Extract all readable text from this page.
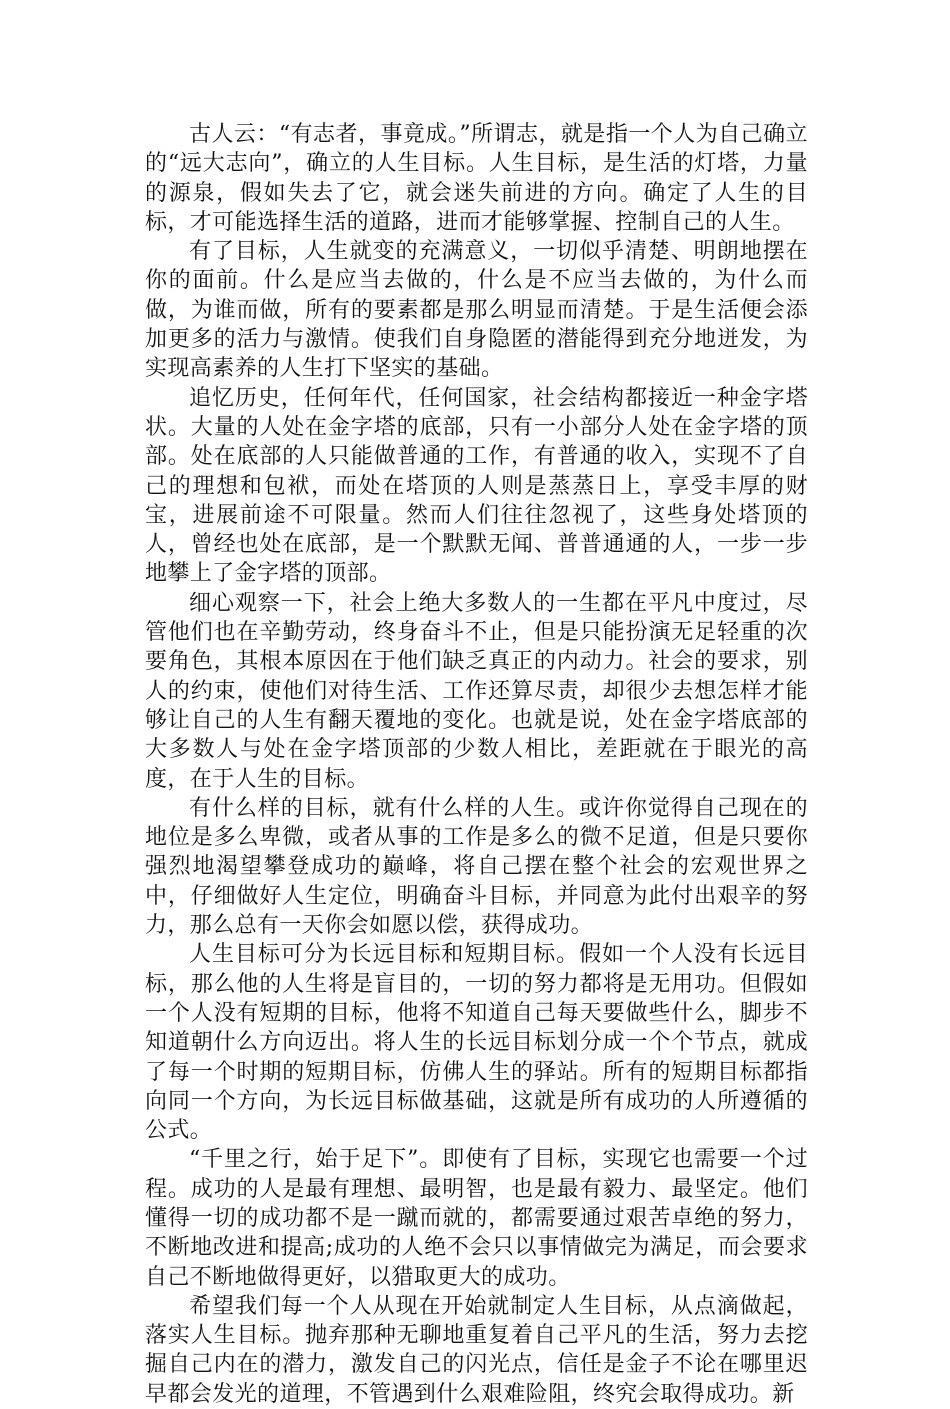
古人云：“有志者，事竟成。”所谓志，就是指一个人为自己确立的“远大志向”，确立的人生目标。人生目标，是生活的灯塔，力量的源泉，假如失去了它，就会迷失前进的方向。确定了人生的目标，才可能选择生活的道路，进而才能够掌握、控制自己的人生。

有了目标，人生就变的充满意义，一切似乎清楚、明朗地摆在你的面前。什么是应当去做的，什么是不应当去做的，为什么而做，为谁而做，所有的要素都是那么明显而清楚。于是生活便会添加更多的活力与激情。使我们自身隐匿的潜能得到充分地迸发，为实现高素养的人生打下坚实的基础。

追忆历史，任何年代，任何国家，社会结构都接近一种金字塔状。大量的人处在金字塔的底部，只有一小部分人处在金字塔的顶部。处在底部的人只能做普通的工作，有普通的收入，实现不了自己的理想和包袱，而处在塔顶的人则是蒸蒸日上，享受丰厚的财宝，进展前途不可限量。然而人们往往忽视了，这些身处塔顶的人，曾经也处在底部，是一个默默无闻、普普通通的人，一步一步地攀上了金字塔的顶部。

细心观察一下，社会上绝大多数人的一生都在平凡中度过，尽管他们也在辛勤劳动，终身奋斗不止，但是只能扮演无足轻重的次要角色，其根本原因在于他们缺乏真正的内动力。社会的要求，别人的约束，使他们对待生活、工作还算尽责，却很少去想怎样才能够让自己的人生有翻天覆地的变化。也就是说，处在金字塔底部的大多数人与处在金字塔顶部的少数人相比，差距就在于眼光的高度，在于人生的目标。

有什么样的目标，就有什么样的人生。或许你觉得自己现在的地位是多么卑微，或者从事的工作是多么的微不足道，但是只要你强烈地渴望攀登成功的巅峰，将自己摆在整个社会的宏观世界之中，仔细做好人生定位，明确奋斗目标，并同意为此付出艰辛的努力，那么总有一天你会如愿以偿，获得成功。

人生目标可分为长远目标和短期目标。假如一个人没有长远目标，那么他的人生将是盲目的，一切的努力都将是无用功。但假如一个人没有短期的目标，他将不知道自己每天要做些什么，脚步不知道朝什么方向迈出。将人生的长远目标划分成一个个节点，就成了每一个时期的短期目标，仿佛人生的驿站。所有的短期目标都指向同一个方向，为长远目标做基础，这就是所有成功的人所遵循的公式。

“千里之行，始于足下”。即使有了目标，实现它也需要一个过程。成功的人是最有理想、最明智，也是最有毅力、最坚定。他们懂得一切的成功都不是一蹴而就的，都需要通过艰苦卓绝的努力，不断地改进和提高;成功的人绝不会只以事情做完为满足，而会要求自己不断地做得更好，以猎取更大的成功。

希望我们每一个人从现在开始就制定人生目标，从点滴做起，落实人生目标。抛弃那种无聊地重复着自己平凡的生活，努力去挖掘自己内在的潜力，激发自己的闪光点，信任是金子不论在哪里迟早都会发光的道理，不管遇到什么艰难险阻，终究会取得成功。新
